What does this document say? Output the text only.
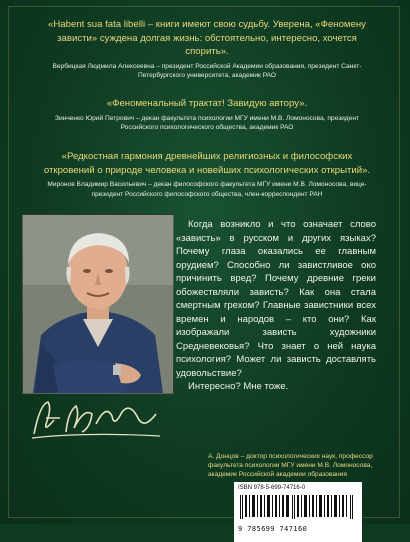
«Habent sua fata libelli – книги имеют свою судьбу. Уверена, «Феномену зависти» суждена долгая жизнь: обстоятельно, интересно, хочется спорить».
Вербицкая Людмила Алексеевна – президент Российской Академии образования, президент Санкт-Петербургского университета, академик РАО
«Феноменальный трактат! Завидую автору».
Зинченко Юрий Петрович – декан факультета психологии МГУ имени М.В. Ломоносова, президент Российского психологического общества, академик РАО
«Редкостная гармония древнейших религиозных и философских откровений о природе человека и новейших психологических открытий».
Миронов Владимир Васильевич – декан философского факультета МГУ имени М.В. Ломоносова, вице-президент Российского философского общества, член-корреспондент РАН
Когда возникло и что означает слово «зависть» в русском и других языках? Почему глаза оказались ее главным орудием? Способно ли завистливое око причинить вред? Почему древние греки обожествляли зависть? Как она стала смертным грехом? Главные завистники всех времен и народов – кто они? Как изображали зависть художники Средневековья? Что знает о ней наука психология? Может ли зависть доставлять удовольствие?
Интересно? Мне тоже.
А. Донцов – доктор психологических наук, профессор факультета психологии МГУ имени М.В. Ломоносова, академик Российской академии образования
ISBN 978-5-699-74716-0
9 785699 747160
